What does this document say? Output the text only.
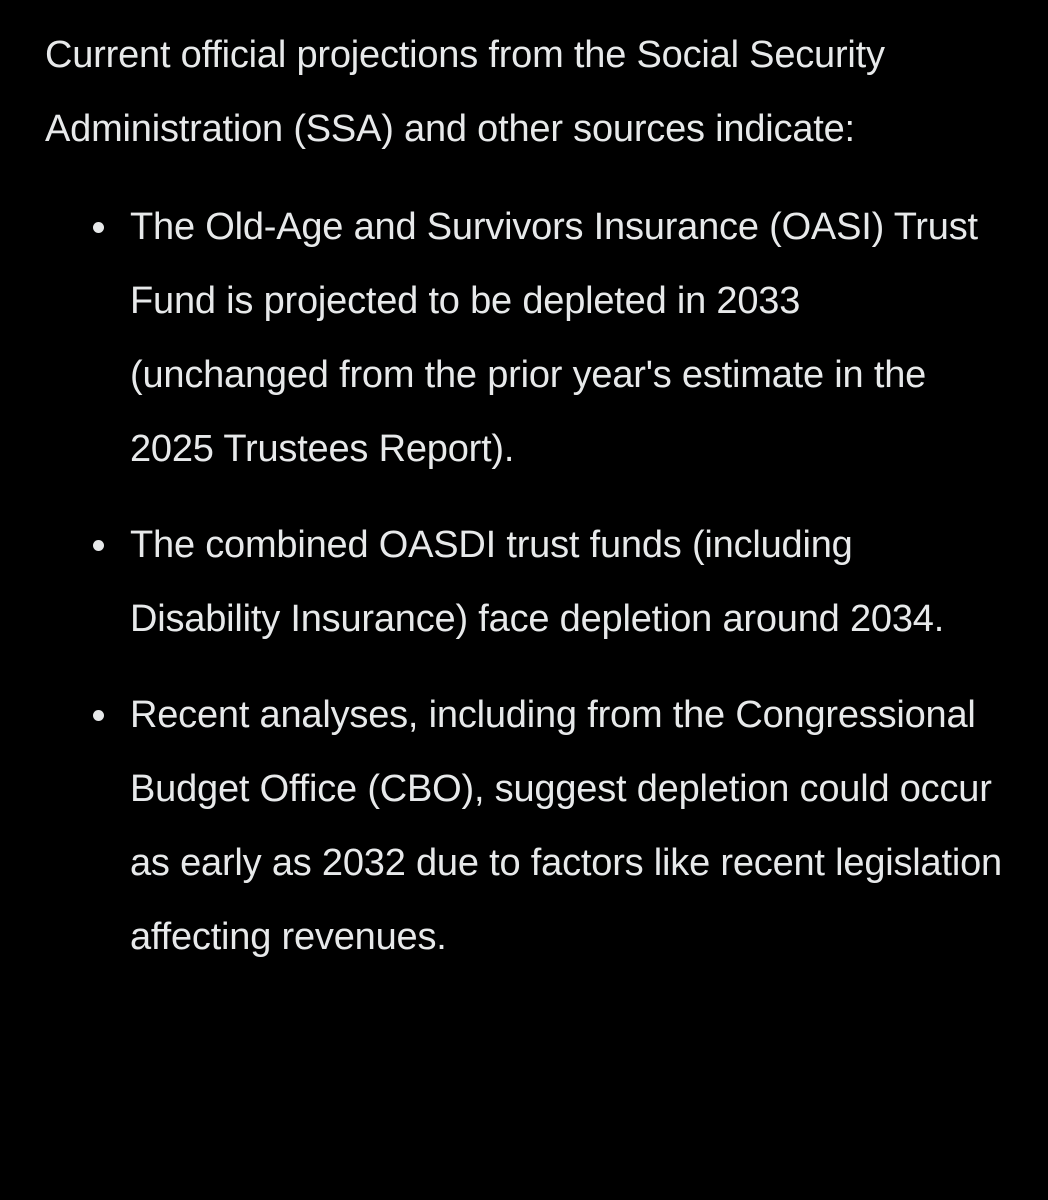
Current official projections from the Social Security Administration (SSA) and other sources indicate:

The Old-Age and Survivors Insurance (OASI) Trust Fund is projected to be depleted in 2033 (unchanged from the prior year's estimate in the 2025 Trustees Report).
The combined OASDI trust funds (including Disability Insurance) face depletion around 2034.
Recent analyses, including from the Congressional Budget Office (CBO), suggest depletion could occur as early as 2032 due to factors like recent legislation affecting revenues.
